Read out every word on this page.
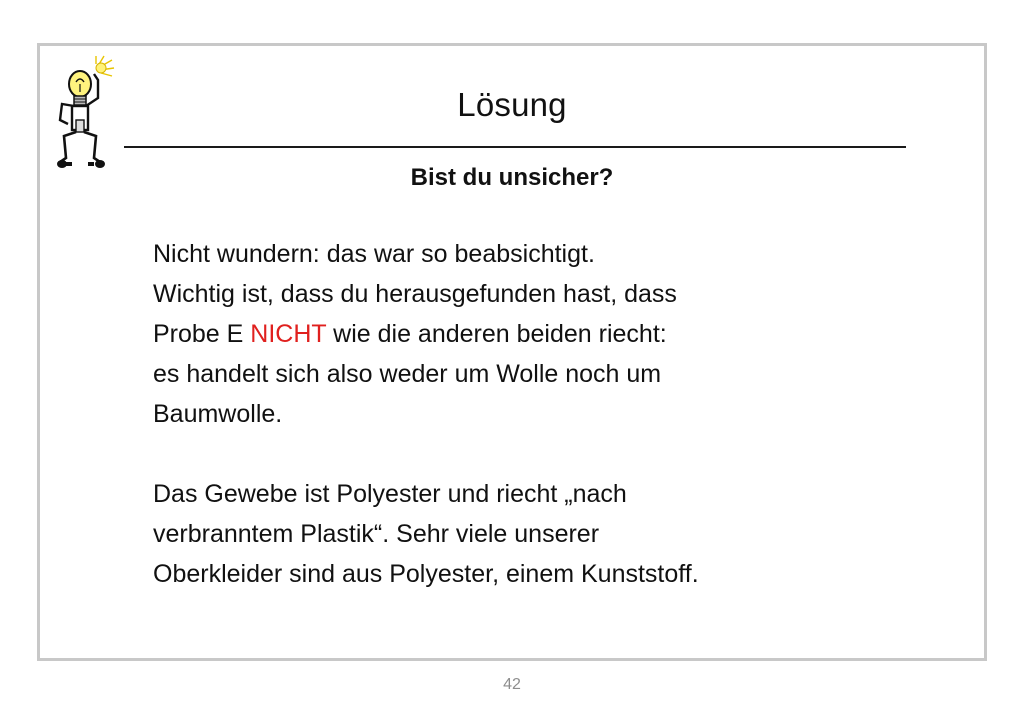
Lösung
Bist du unsicher?
Nicht wundern: das war so beabsichtigt.
Wichtig ist, dass du herausgefunden hast, dass
Probe E NICHT wie die anderen beiden riecht:
es handelt sich also weder um Wolle noch um
Baumwolle.
Das Gewebe ist Polyester und riecht „nach
verbranntem Plastik“. Sehr viele unserer
Oberkleider sind aus Polyester, einem Kunststoff.
42
